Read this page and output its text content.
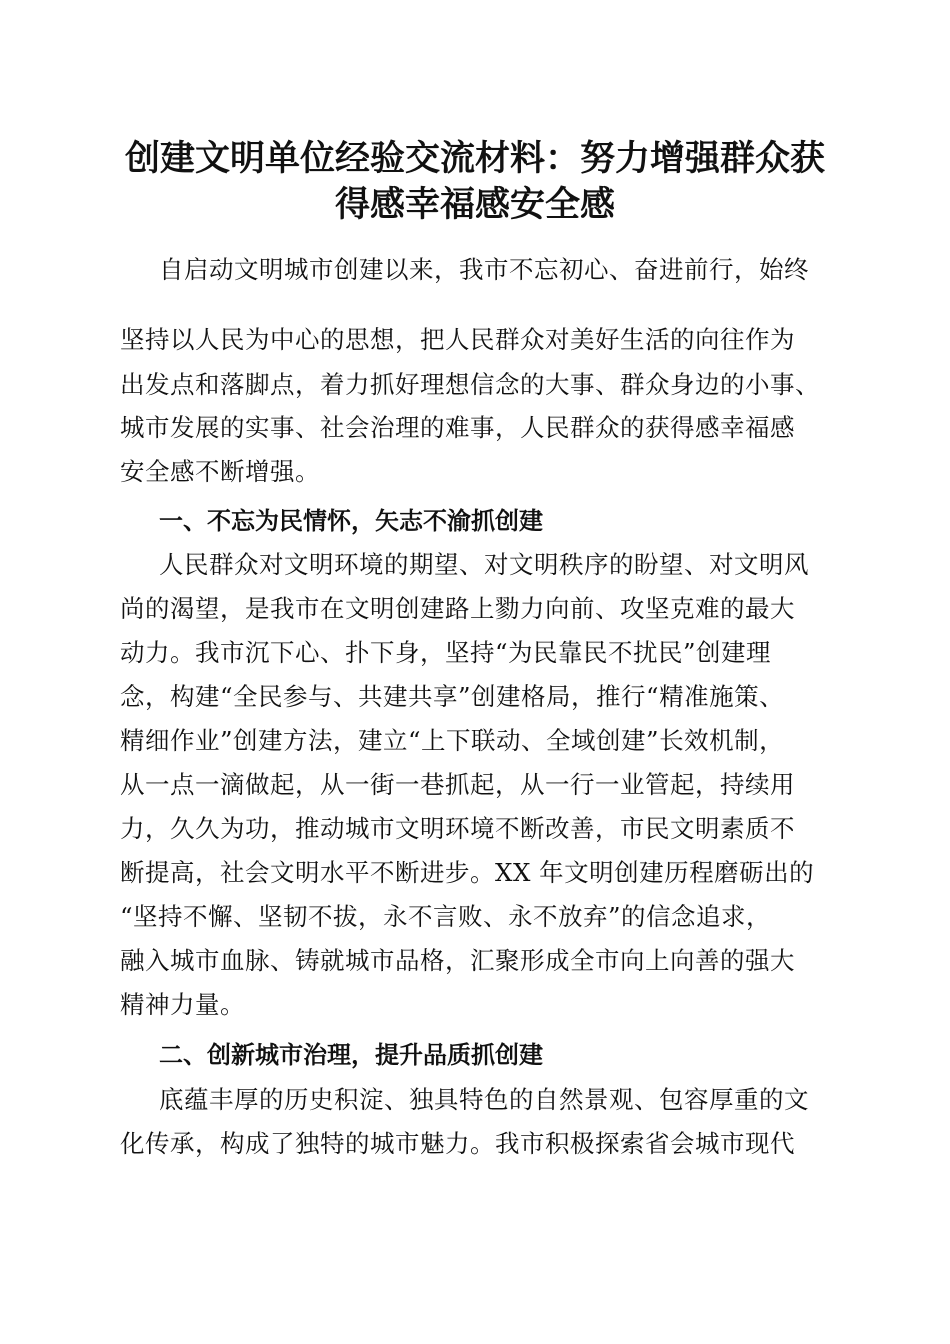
创建文明单位经验交流材料：努力增强群众获
得感幸福感安全感
自启动文明城市创建以来，我市不忘初心、奋进前行，始终
坚持以人民为中心的思想，把人民群众对美好生活的向往作为
出发点和落脚点，着力抓好理想信念的大事、群众身边的小事、
城市发展的实事、社会治理的难事，人民群众的获得感幸福感
安全感不断增强。
一、不忘为民情怀，矢志不渝抓创建
人民群众对文明环境的期望、对文明秩序的盼望、对文明风
尚的渴望，是我市在文明创建路上勠力向前、攻坚克难的最大
动力。我市沉下心、扑下身，坚持“为民靠民不扰民”创建理
念，构建“全民参与、共建共享”创建格局，推行“精准施策、
精细作业”创建方法，建立“上下联动、全域创建”长效机制，
从一点一滴做起，从一街一巷抓起，从一行一业管起，持续用
力，久久为功，推动城市文明环境不断改善，市民文明素质不
断提高，社会文明水平不断进步。XX 年文明创建历程磨砺出的
“坚持不懈、坚韧不拔，永不言败、永不放弃”的信念追求，
融入城市血脉、铸就城市品格，汇聚形成全市向上向善的强大
精神力量。
二、创新城市治理，提升品质抓创建
底蕴丰厚的历史积淀、独具特色的自然景观、包容厚重的文
化传承，构成了独特的城市魅力。我市积极探索省会城市现代
